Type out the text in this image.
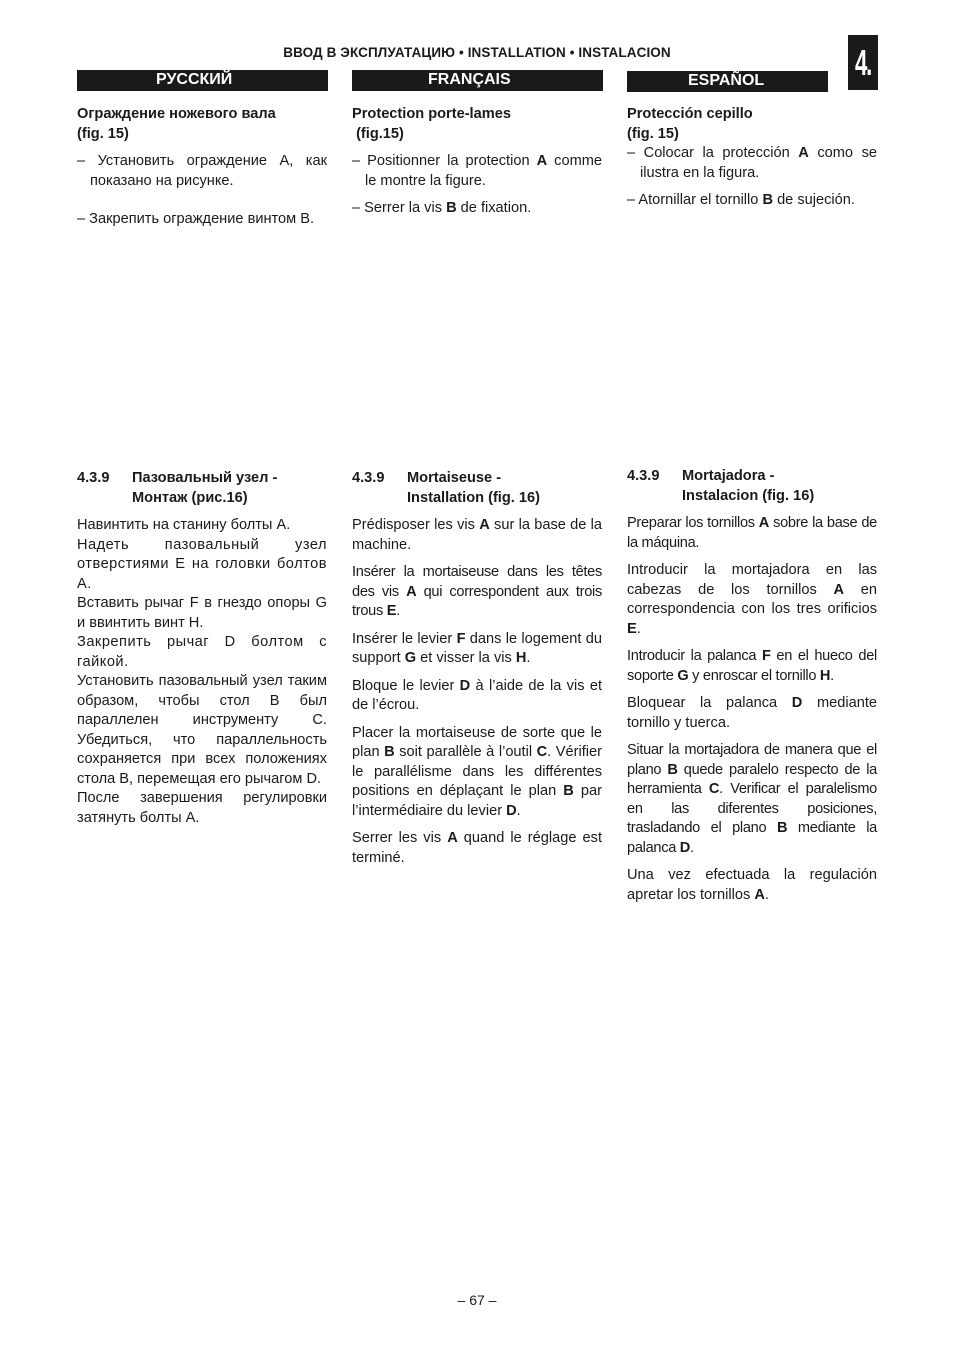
ВВОД В ЭКСПЛУАТАЦИЮ • INSTALLATION • INSTALACION	4.
РУССКИЙ	FRANÇAIS	ESPAÑOL

Ограждение ножевого вала
(fig. 15)

– Установить ограждение A, как показано на рисунке.

– Закрепить ограждение винтом B.

Protection porte-lames
(fig.15)

– Positionner la protection A comme le montre la figure.

– Serrer la vis B de fixation.

Protección cepillo
(fig. 15)

– Colocar la protección A como se ilustra en la figura.

– Atornillar el tornillo B de sujeción.

4.3.9	Пазовальный узел -
Монтаж (рис.16)

Навинтить на станину болты A.

Надеть пазовальный узел отверстиями E на головки болтов A.

Вставить рычаг F в гнездо опоры G и ввинтить винт H.

Закрепить рычаг D болтом с гайкой.

Установить пазовальный узел таким образом, чтобы стол B был параллелен инструменту C. Убедиться, что параллельность сохраняется при всех положениях стола B, перемещая его рычагом D.

После завершения регулировки затянуть болты A.

4.3.9	Mortaiseuse -
Installation (fig. 16)

Prédisposer les vis A sur la base de la machine.

Insérer la mortaiseuse dans les têtes des vis A qui correspondent aux trois trous E.

Insérer le levier F dans le logement du support G et visser la vis H.

Bloque le levier D à l’aide de la vis et de l’écrou.

Placer la mortaiseuse de sorte que le plan B soit parallèle à l’outil C. Vérifier le parallélisme dans les différentes positions en déplaçant le plan B par l’intermédiaire du levier D.

Serrer les vis A quand le réglage est terminé.

4.3.9	Mortajadora -
Instalacion (fig. 16)

Preparar los tornillos A sobre la base de la máquina.

Introducir la mortajadora en las cabezas de los tornillos A en correspondencia con los tres orificios E.

Introducir la palanca F en el hueco del soporte G y enroscar el tornillo H.

Bloquear la palanca D mediante tornillo y tuerca.

Situar la mortajadora de manera que el plano B quede paralelo respecto de la herramienta C. Verificar el paralelismo en las diferentes posiciones, trasladando el plano B mediante la palanca D.

Una vez efectuada la regulación apretar los tornillos A.

– 67 –
